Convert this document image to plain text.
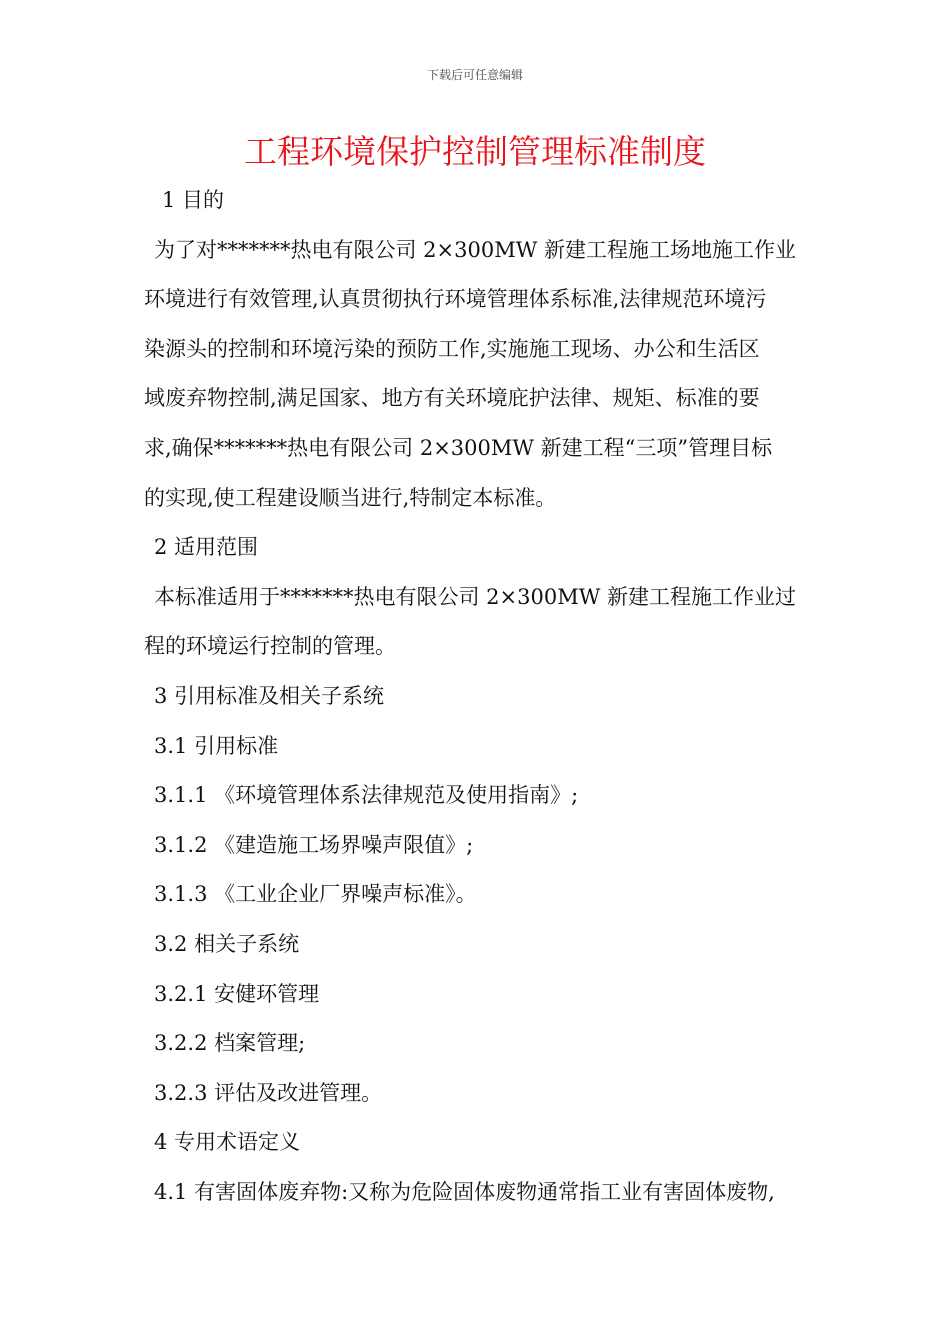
下载后可任意编辑
工程环境保护控制管理标准制度

1 目的

为了对*******热电有限公司 2×300MW 新建工程施工场地施工作业

环境进行有效管理,认真贯彻执行环境管理体系标准,法律规范环境污

染源头的控制和环境污染的预防工作,实施施工现场、办公和生活区

域废弃物控制,满足国家、地方有关环境庇护法律、规矩、标准的要

求,确保*******热电有限公司 2×300MW 新建工程“三项”管理目标

的实现,使工程建设顺当进行,特制定本标准。

2 适用范围

本标准适用于*******热电有限公司 2×300MW 新建工程施工作业过

程的环境运行控制的管理。

3 引用标准及相关子系统

3.1 引用标准

3.1.1 《环境管理体系法律规范及使用指南》;

3.1.2 《建造施工场界噪声限值》;

3.1.3 《工业企业厂界噪声标准》。

3.2 相关子系统

3.2.1 安健环管理

3.2.2 档案管理;

3.2.3 评估及改进管理。

4 专用术语定义

4.1 有害固体废弃物:又称为危险固体废物通常指工业有害固体废物,
